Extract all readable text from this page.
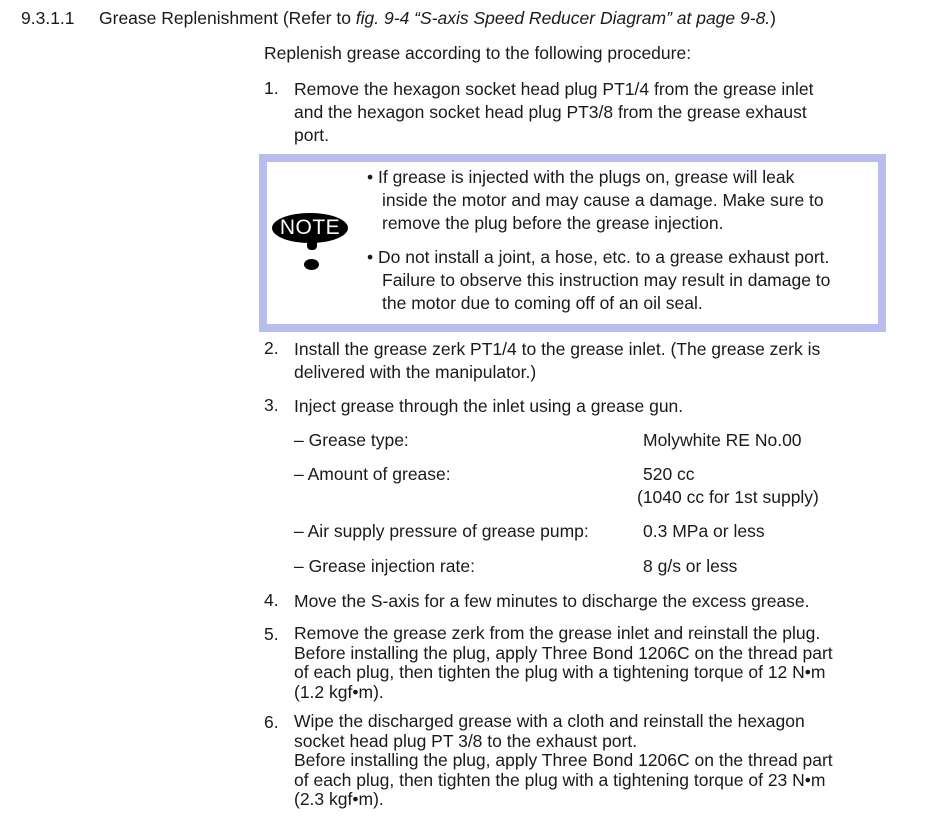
9.3.1.1 Grease Replenishment (Refer to fig. 9-4 “S-axis Speed Reducer Diagram” at page 9-8.)
Replenish grease according to the following procedure:
1. Remove the hexagon socket head plug PT1/4 from the grease inlet
and the hexagon socket head plug PT3/8 from the grease exhaust
port.
NOTE
• If grease is injected with the plugs on, grease will leak
inside the motor and may cause a damage. Make sure to
remove the plug before the grease injection.
• Do not install a joint, a hose, etc. to a grease exhaust port.
Failure to observe this instruction may result in damage to
the motor due to coming off of an oil seal.
2. Install the grease zerk PT1/4 to the grease inlet. (The grease zerk is
delivered with the manipulator.)
3. Inject grease through the inlet using a grease gun.
– Grease type:	Molywhite RE No.00
– Amount of grease:	520 cc
(1040 cc for 1st supply)
– Air supply pressure of grease pump:	0.3 MPa or less
– Grease injection rate:	8 g/s or less
4. Move the S-axis for a few minutes to discharge the excess grease.
5. Remove the grease zerk from the grease inlet and reinstall the plug.
Before installing the plug, apply Three Bond 1206C on the thread part
of each plug, then tighten the plug with a tightening torque of 12 N•m
(1.2 kgf•m).
6. Wipe the discharged grease with a cloth and reinstall the hexagon
socket head plug PT 3/8 to the exhaust port.
Before installing the plug, apply Three Bond 1206C on the thread part
of each plug, then tighten the plug with a tightening torque of 23 N•m
(2.3 kgf•m).
